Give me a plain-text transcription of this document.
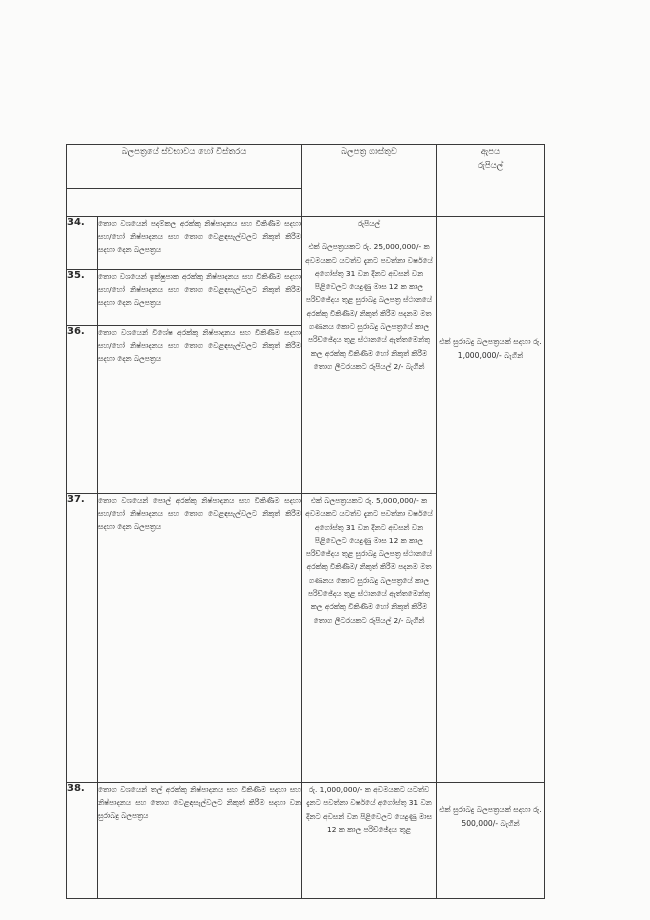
බලපත්‍රයේ ස්වභාවය හෝ විස්තරය		බලපත්‍ර ගාස්තුව	ඇපය
රුපියල්

34.	තොග වශයෙන් පදම්කල අරක්කු නිෂ්පාදනය සහ විකිණීම සදහා සහ/හෝ නිෂ්පාදනය සහ තොග වෙළඳසැල්වලට නිකුත් කිරීම සදහා දෙන බලපත්‍රය	රුපියල්
එක් බලපත්‍රයකට රු. 25,000,000/- ක අවමයකට යටත්ව දැනට පවත්නා වර්ෂයේ අගෝස්තු 31 වන දිනට අවසන් වන පිළිවෙලට යෙදුණු මාස 12 ක කාල පරිච්ඡේදය තුළ සුරාබදු බලපත්‍ර ස්ථානයේ අරක්කු විකිණීම/ නිකුත් කිරීම පදනම මත ගණනය කොට සුරාබදු බලපත්‍රයේ කාල පරිච්ඡේදය තුළ ස්ථානයේ ඇත්තමෙන්තු කල අරක්කු විකිණීම හෝ නිකුත් කිරීම තොග ලීටරයකට රුපියල් 2/- බැගින්	එක් සුරාබදු බලපත්‍රයක් සදහා රු. 1,000,000/- බැගින්

35.	තොග වශයෙන් ඉක්ෂුපාක අරක්කු නිෂ්පාදනය සහ විකිණීම සදහා සහ/හෝ නිෂ්පාදනය සහ තොග වෙළඳසැල්වලට නිකුත් කිරීම සදහා දෙන බලපත්‍රය		
36.	තොග වශයෙන් විශේෂ අරක්කු නිෂ්පාදනය සහ විකිණීම සදහා සහ/හෝ නිෂ්පාදනය සහ තොග වෙළඳසැල්වලට නිකුත් කිරීම සදහා දෙන බලපත්‍රය		
37.	තොග වශයෙන් පොල් අරක්කු නිෂ්පාදනය සහ විකිණීම සදහා සහ/හෝ නිෂ්පාදනය සහ තොග වෙළඳසැල්වලට නිකුත් කිරීම සදහා දෙන බලපත්‍රය	එක් බලපත්‍රයකට රු. 5,000,000/- ක අවමයකට යටත්ව දැනට පවත්නා වර්ෂයේ අගෝස්තු 31 වන දිනට අවසන් වන පිළිවෙලට යෙදුණු මාස 12 ක කාල පරිච්ඡේදය තුළ සුරාබදු බලපත්‍ර ස්ථානයේ අරක්කු විකිණීම/ නිකුත් කිරීම පදනම මත ගණනය කොට සුරාබදු බලපත්‍රයේ කාල පරිච්ඡේදය තුළ ස්ථානයේ ඇත්තමෙන්තු කල අරක්කු විකිණීම හෝ නිකුත් කිරීම තොග ලීටරයකට රුපියල් 2/- බැගින්	

38.	තොග වශයෙන් තල් අරක්කු නිෂ්පාදනය සහ විකිණීම සදහා සහ නිෂ්පාදනය සහ තොග වෙළඳසැල්වලට නිකුත් කිරීම සදහා වන සුරාබදු බලපත්‍රය	රු. 1,000,000/- ක අවමයකට යටත්ව දැනට පවත්නා වර්ෂයේ අගෝස්තු 31 වන දිනට අවසන් වන පිළිවෙලට යෙදුණු මාස 12 ක කාල පරිච්ඡේදය තුළ	එක් සුරාබදු බලපත්‍රයක් සදහා රු. 500,000/- බැගින්
